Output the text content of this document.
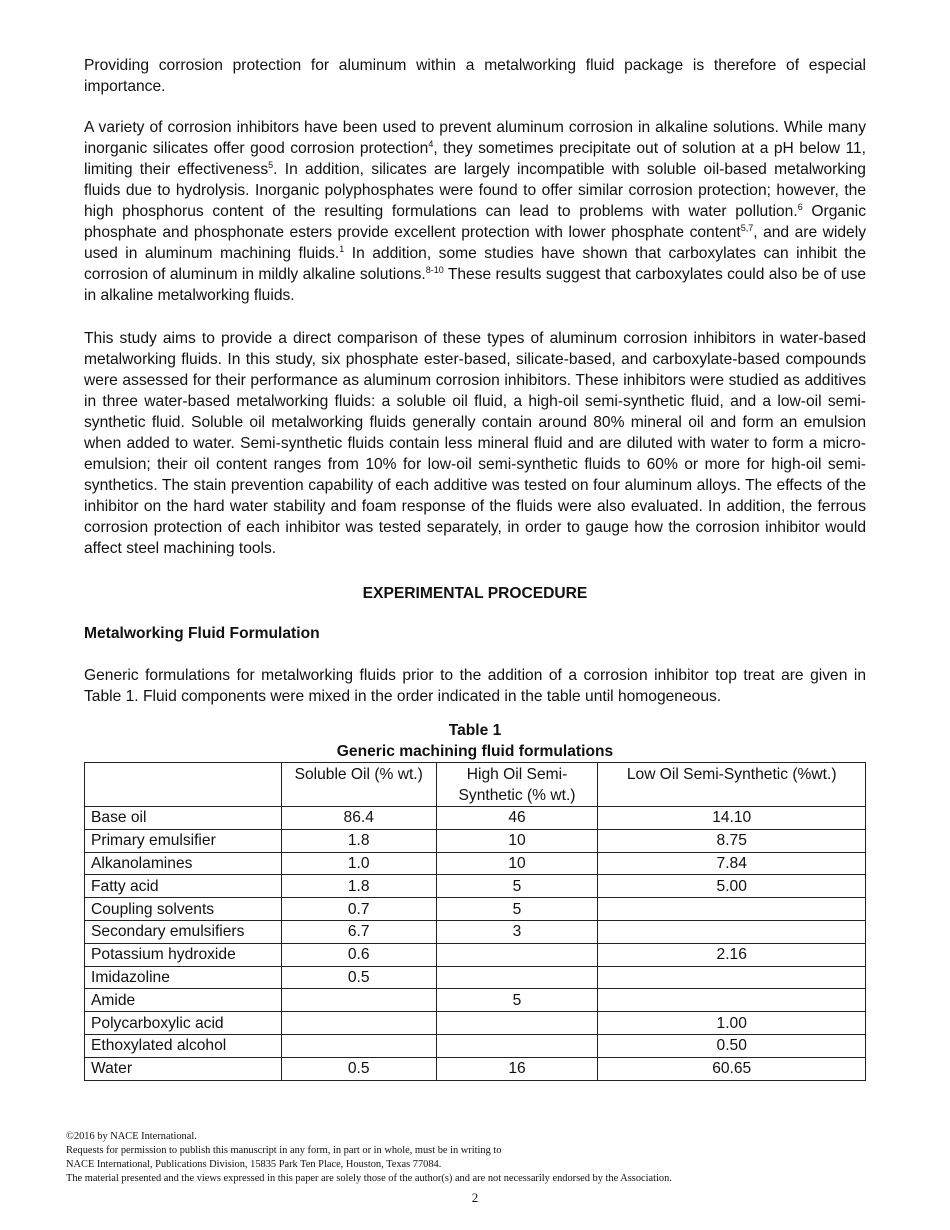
Providing corrosion protection for aluminum within a metalworking fluid package is therefore of especial importance.

A variety of corrosion inhibitors have been used to prevent aluminum corrosion in alkaline solutions. While many inorganic silicates offer good corrosion protection$^4$, they sometimes precipitate out of solution at a pH below 11, limiting their effectiveness$^5$. In addition, silicates are largely incompatible with soluble oil-based metalworking fluids due to hydrolysis. Inorganic polyphosphates were found to offer similar corrosion protection; however, the high phosphorus content of the resulting formulations can lead to problems with water pollution.$^6$ Organic phosphate and phosphonate esters provide excellent protection with lower phosphate content$^{5,7}$, and are widely used in aluminum machining fluids.$^1$ In addition, some studies have shown that carboxylates can inhibit the corrosion of aluminum in mildly alkaline solutions.$^{8-10}$ These results suggest that carboxylates could also be of use in alkaline metalworking fluids.

This study aims to provide a direct comparison of these types of aluminum corrosion inhibitors in water-based metalworking fluids. In this study, six phosphate ester-based, silicate-based, and carboxylate-based compounds were assessed for their performance as aluminum corrosion inhibitors. These inhibitors were studied as additives in three water-based metalworking fluids: a soluble oil fluid, a high-oil semi-synthetic fluid, and a low-oil semi-synthetic fluid. Soluble oil metalworking fluids generally contain around 80% mineral oil and form an emulsion when added to water. Semi-synthetic fluids contain less mineral fluid and are diluted with water to form a micro-emulsion; their oil content ranges from 10% for low-oil semi-synthetic fluids to 60% or more for high-oil semi-synthetics. The stain prevention capability of each additive was tested on four aluminum alloys. The effects of the inhibitor on the hard water stability and foam response of the fluids were also evaluated. In addition, the ferrous corrosion protection of each inhibitor was tested separately, in order to gauge how the corrosion inhibitor would affect steel machining tools.

EXPERIMENTAL PROCEDURE
Metalworking Fluid Formulation

Generic formulations for metalworking fluids prior to the addition of a corrosion inhibitor top treat are given in Table 1. Fluid components were mixed in the order indicated in the table until homogeneous.

Table 1
Generic machining fluid formulations
	Soluble Oil (% wt.)	High Oil Semi-Synthetic (% wt.)	Low Oil Semi-Synthetic (%wt.)
Base oil	86.4	46	14.10
Primary emulsifier	1.8	10	8.75
Alkanolamines	1.0	10	7.84
Fatty acid	1.8	5	5.00
Coupling solvents	0.7	5	
Secondary emulsifiers	6.7	3	
Potassium hydroxide	0.6		2.16
Imidazoline	0.5		
Amide		5	
Polycarboxylic acid			1.00
Ethoxylated alcohol			0.50
Water	0.5	16	60.65
©2016 by NACE International.
Requests for permission to publish this manuscript in any form, in part or in whole, must be in writing to
NACE International, Publications Division, 15835 Park Ten Place, Houston, Texas 77084.
The material presented and the views expressed in this paper are solely those of the author(s) and are not necessarily endorsed by the Association.
2
